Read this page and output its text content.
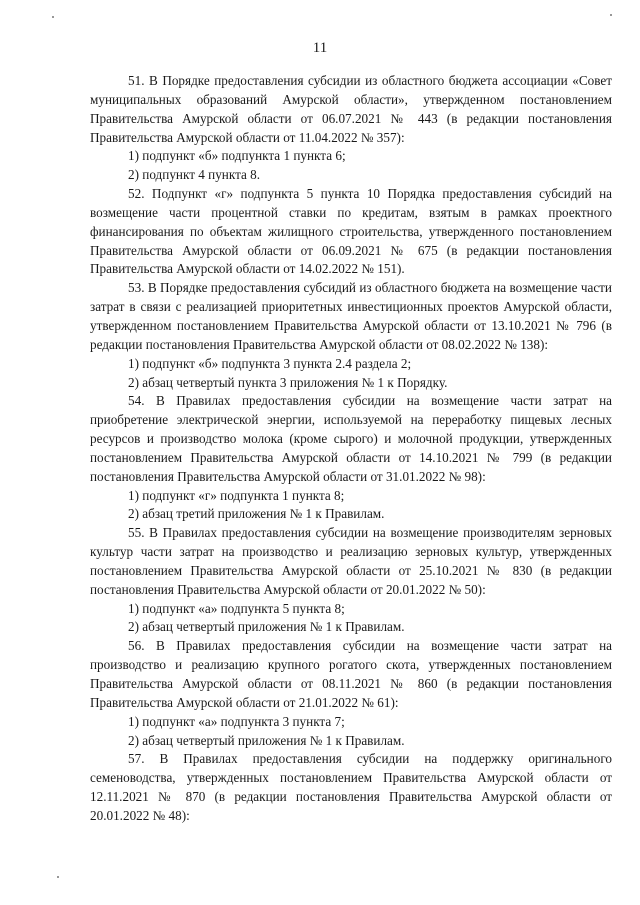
11

51. В Порядке предоставления субсидии из областного бюджета ассоциации «Совет муниципальных образований Амурской области», утвержденном постановлением Правительства Амурской области от 06.07.2021 № 443 (в редакции постановления Правительства Амурской области от 11.04.2022 № 357):

1) подпункт «б» подпункта 1 пункта 6;

2) подпункт 4 пункта 8.

52. Подпункт «г» подпункта 5 пункта 10 Порядка предоставления субсидий на возмещение части процентной ставки по кредитам, взятым в рамках проектного финансирования по объектам жилищного строительства, утвержденного постановлением Правительства Амурской области от 06.09.2021 № 675 (в редакции постановления Правительства Амурской области от 14.02.2022 № 151).

53. В Порядке предоставления субсидий из областного бюджета на возмещение части затрат в связи с реализацией приоритетных инвестиционных проектов Амурской области, утвержденном постановлением Правительства Амурской области от 13.10.2021 № 796 (в редакции постановления Правительства Амурской области от 08.02.2022 № 138):

1) подпункт «б» подпункта 3 пункта 2.4 раздела 2;

2) абзац четвертый пункта 3 приложения № 1 к Порядку.

54. В Правилах предоставления субсидии на возмещение части затрат на приобретение электрической энергии, используемой на переработку пищевых лесных ресурсов и производство молока (кроме сырого) и молочной продукции, утвержденных постановлением Правительства Амурской области от 14.10.2021 № 799 (в редакции постановления Правительства Амурской области от 31.01.2022 № 98):

1) подпункт «г» подпункта 1 пункта 8;

2) абзац третий приложения № 1 к Правилам.

55. В Правилах предоставления субсидии на возмещение производителям зерновых культур части затрат на производство и реализацию зерновых культур, утвержденных постановлением Правительства Амурской области от 25.10.2021 № 830 (в редакции постановления Правительства Амурской области от 20.01.2022 № 50):

1) подпункт «а» подпункта 5 пункта 8;

2) абзац четвертый приложения № 1 к Правилам.

56. В Правилах предоставления субсидии на возмещение части затрат на производство и реализацию крупного рогатого скота, утвержденных постановлением Правительства Амурской области от 08.11.2021 № 860 (в редакции постановления Правительства Амурской области от 21.01.2022 № 61):

1) подпункт «а» подпункта 3 пункта 7;

2) абзац четвертый приложения № 1 к Правилам.

57. В Правилах предоставления субсидии на поддержку оригинального семеноводства, утвержденных постановлением Правительства Амурской области от 12.11.2021 № 870 (в редакции постановления Правительства Амурской области от 20.01.2022 № 48):
